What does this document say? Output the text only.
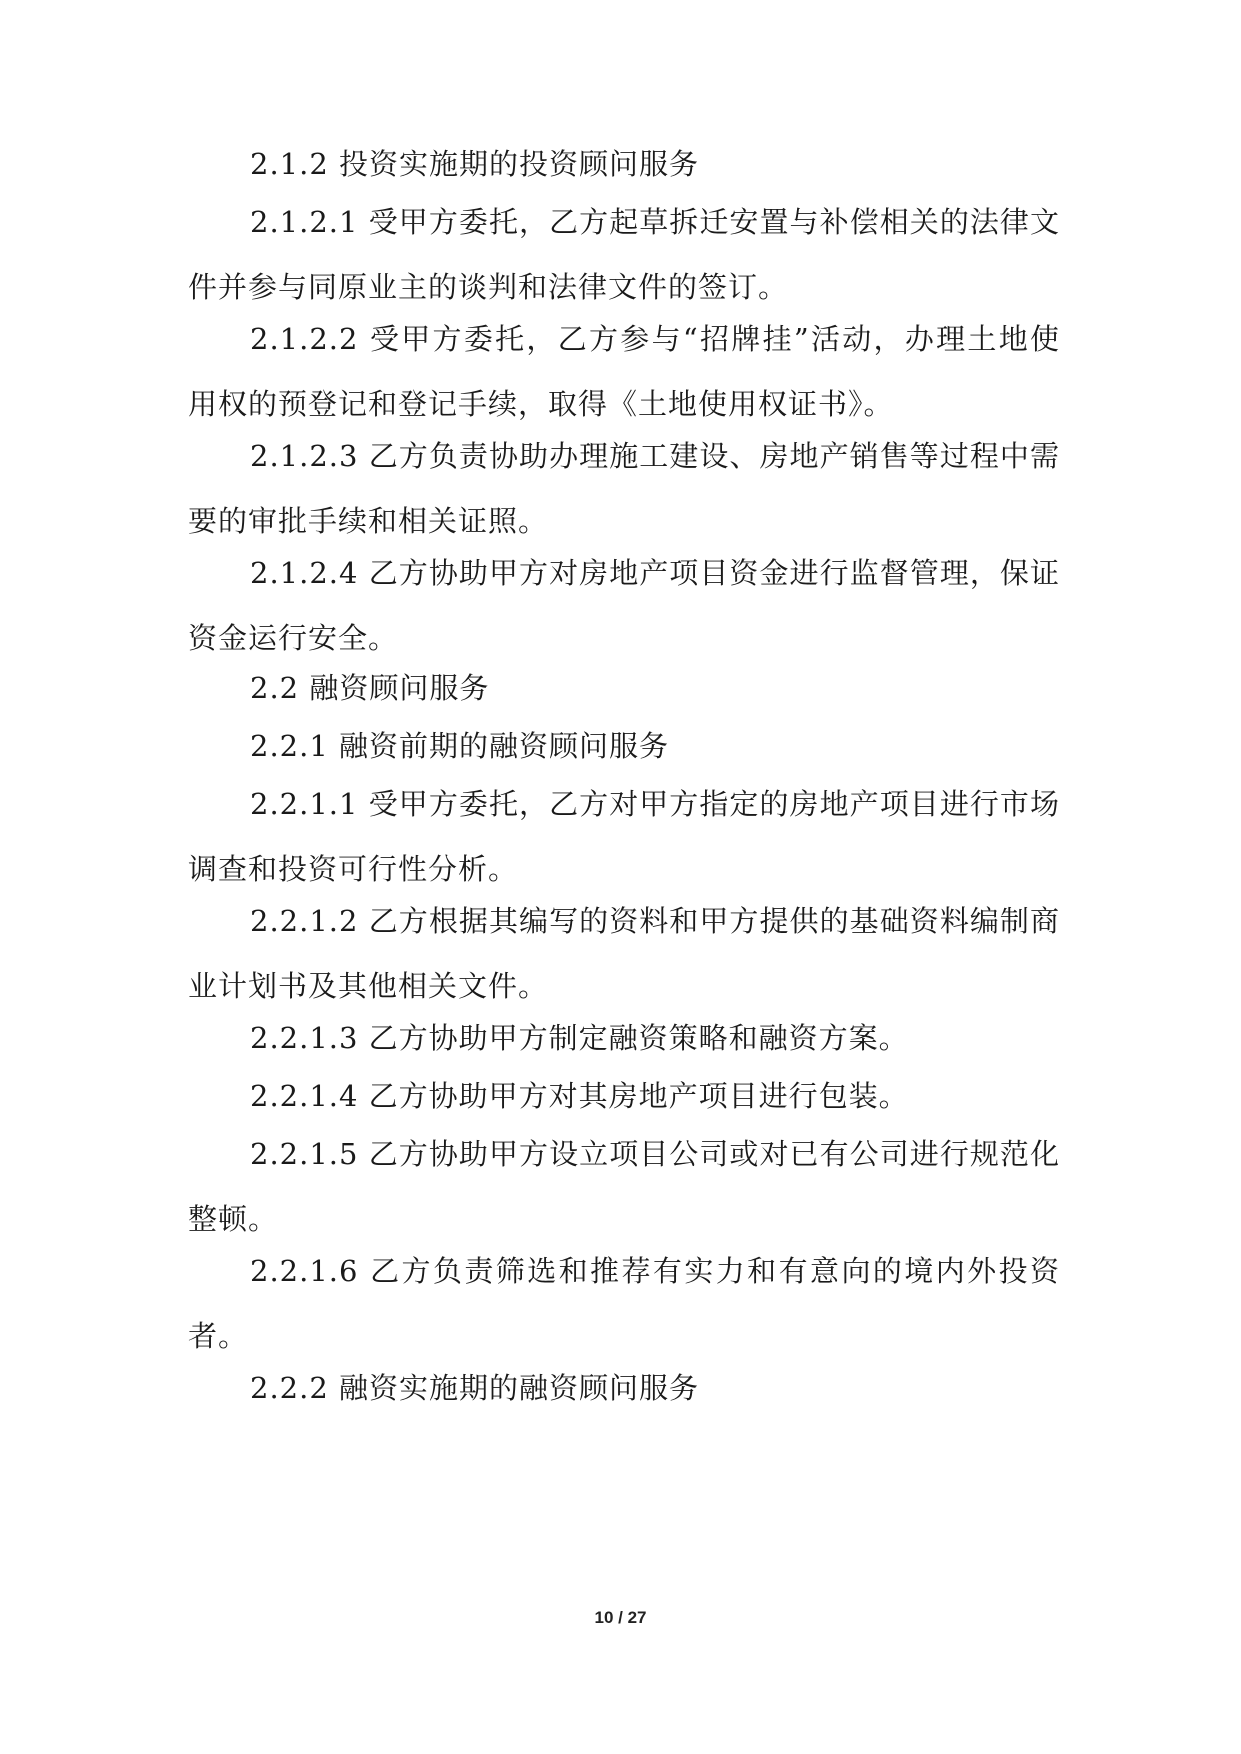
2.1.2 投资实施期的投资顾问服务

2.1.2.1 受甲方委托，乙方起草拆迁安置与补偿相关的法律文件并参与同原业主的谈判和法律文件的签订。

2.1.2.2 受甲方委托，乙方参与“招牌挂”活动，办理土地使用权的预登记和登记手续，取得《土地使用权证书》。

2.1.2.3 乙方负责协助办理施工建设、房地产销售等过程中需要的审批手续和相关证照。

2.1.2.4 乙方协助甲方对房地产项目资金进行监督管理，保证资金运行安全。

2.2 融资顾问服务

2.2.1 融资前期的融资顾问服务

2.2.1.1 受甲方委托，乙方对甲方指定的房地产项目进行市场调查和投资可行性分析。

2.2.1.2 乙方根据其编写的资料和甲方提供的基础资料编制商业计划书及其他相关文件。

2.2.1.3 乙方协助甲方制定融资策略和融资方案。

2.2.1.4 乙方协助甲方对其房地产项目进行包装。

2.2.1.5 乙方协助甲方设立项目公司或对已有公司进行规范化整顿。

2.2.1.6 乙方负责筛选和推荐有实力和有意向的境内外投资者。

2.2.2 融资实施期的融资顾问服务

10 / 27
